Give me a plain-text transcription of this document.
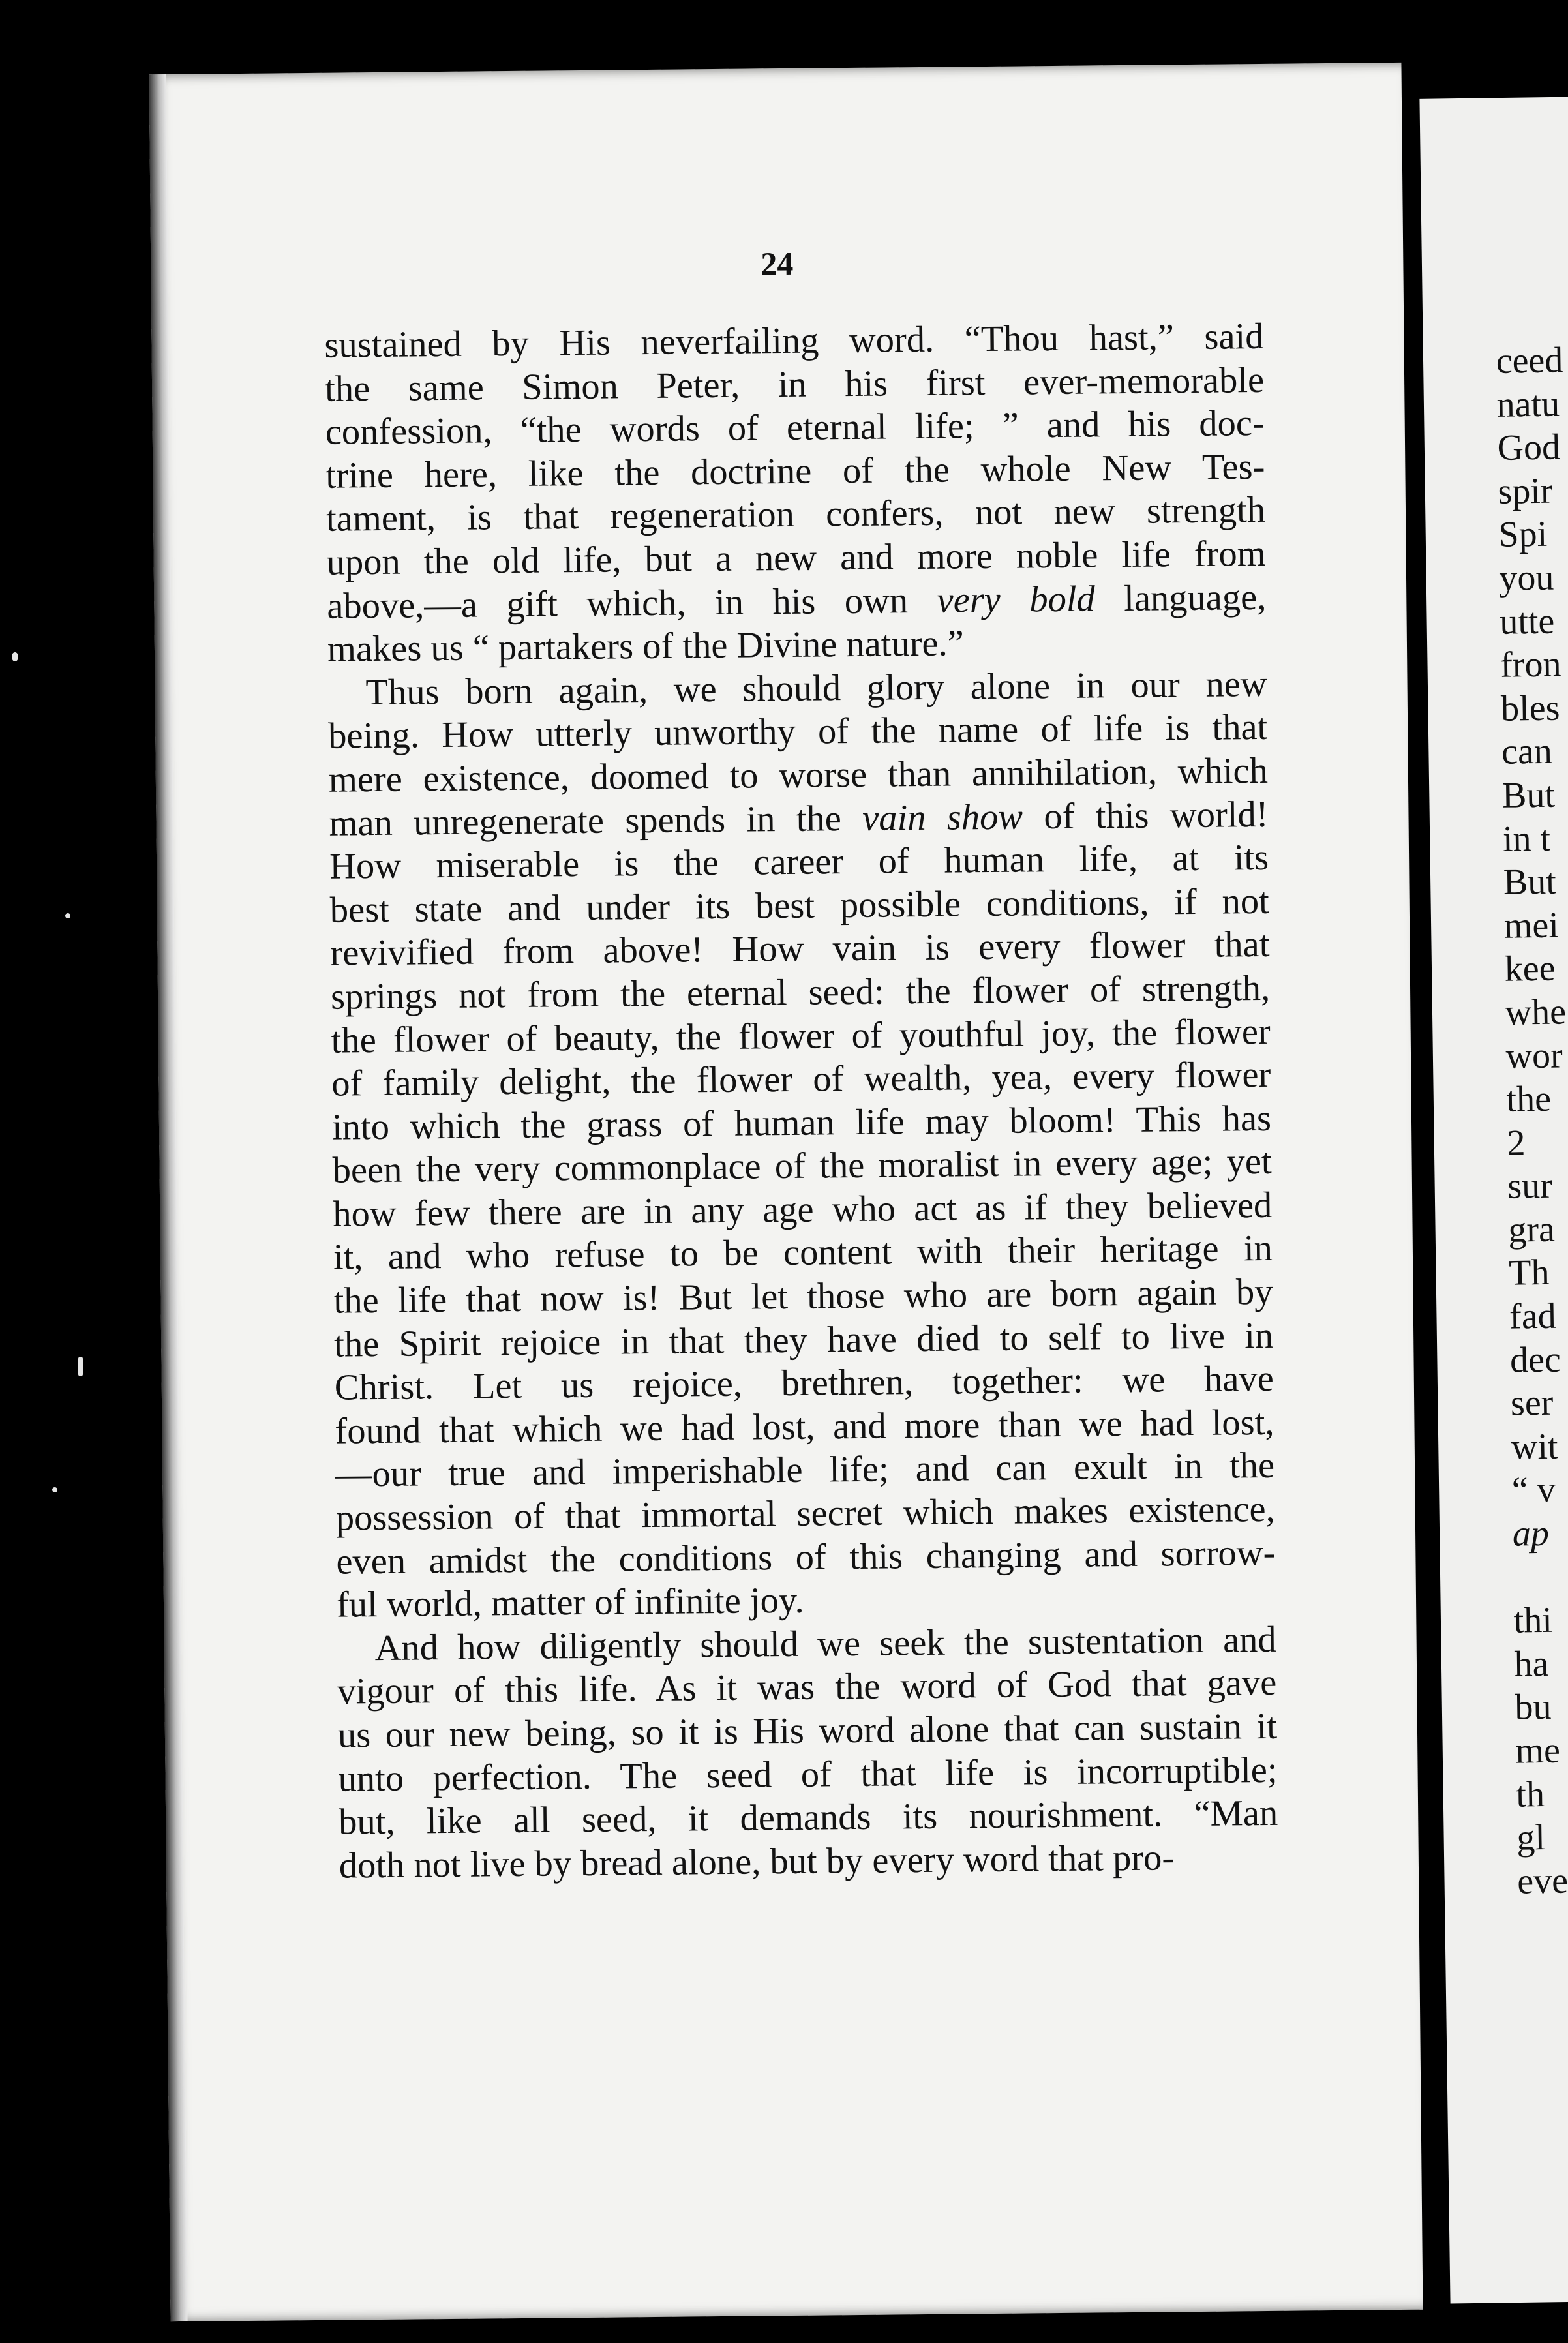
ceed
natu
God
spir
Spi
you
utte
fron
bles
can
But
in t
But
mei
kee
whe
wor
the
2
sur
gra
Th
fad
dec
ser
wit
“ v
ap

thi
ha
bu
me
th
gl
eve
24
sustained by His neverfailing word. “Thou hast,” said
the same Simon Peter, in his first ever-memorable
confession, “the words of eternal life; ” and his doc-
trine here, like the doctrine of the whole New Tes-
tament, is that regeneration confers, not new strength
upon the old life, but a new and more noble life from
above,—a gift which, in his own very bold language,
makes us “ partakers of the Divine nature.”
Thus born again, we should glory alone in our new
being. How utterly unworthy of the name of life is that
mere existence, doomed to worse than annihilation, which
man unregenerate spends in the vain show of this world!
How miserable is the career of human life, at its
best state and under its best possible conditions, if not
revivified from above! How vain is every flower that
springs not from the eternal seed: the flower of strength,
the flower of beauty, the flower of youthful joy, the flower
of family delight, the flower of wealth, yea, every flower
into which the grass of human life may bloom! This has
been the very commonplace of the moralist in every age; yet
how few there are in any age who act as if they believed
it, and who refuse to be content with their heritage in
the life that now is! But let those who are born again by
the Spirit rejoice in that they have died to self to live in
Christ. Let us rejoice, brethren, together: we have
found that which we had lost, and more than we had lost,
—our true and imperishable life; and can exult in the
possession of that immortal secret which makes existence,
even amidst the conditions of this changing and sorrow-
ful world, matter of infinite joy.
And how diligently should we seek the sustentation and
vigour of this life. As it was the word of God that gave
us our new being, so it is His word alone that can sustain it
unto perfection. The seed of that life is incorruptible;
but, like all seed, it demands its nourishment. “Man
doth not live by bread alone, but by every word that pro-
